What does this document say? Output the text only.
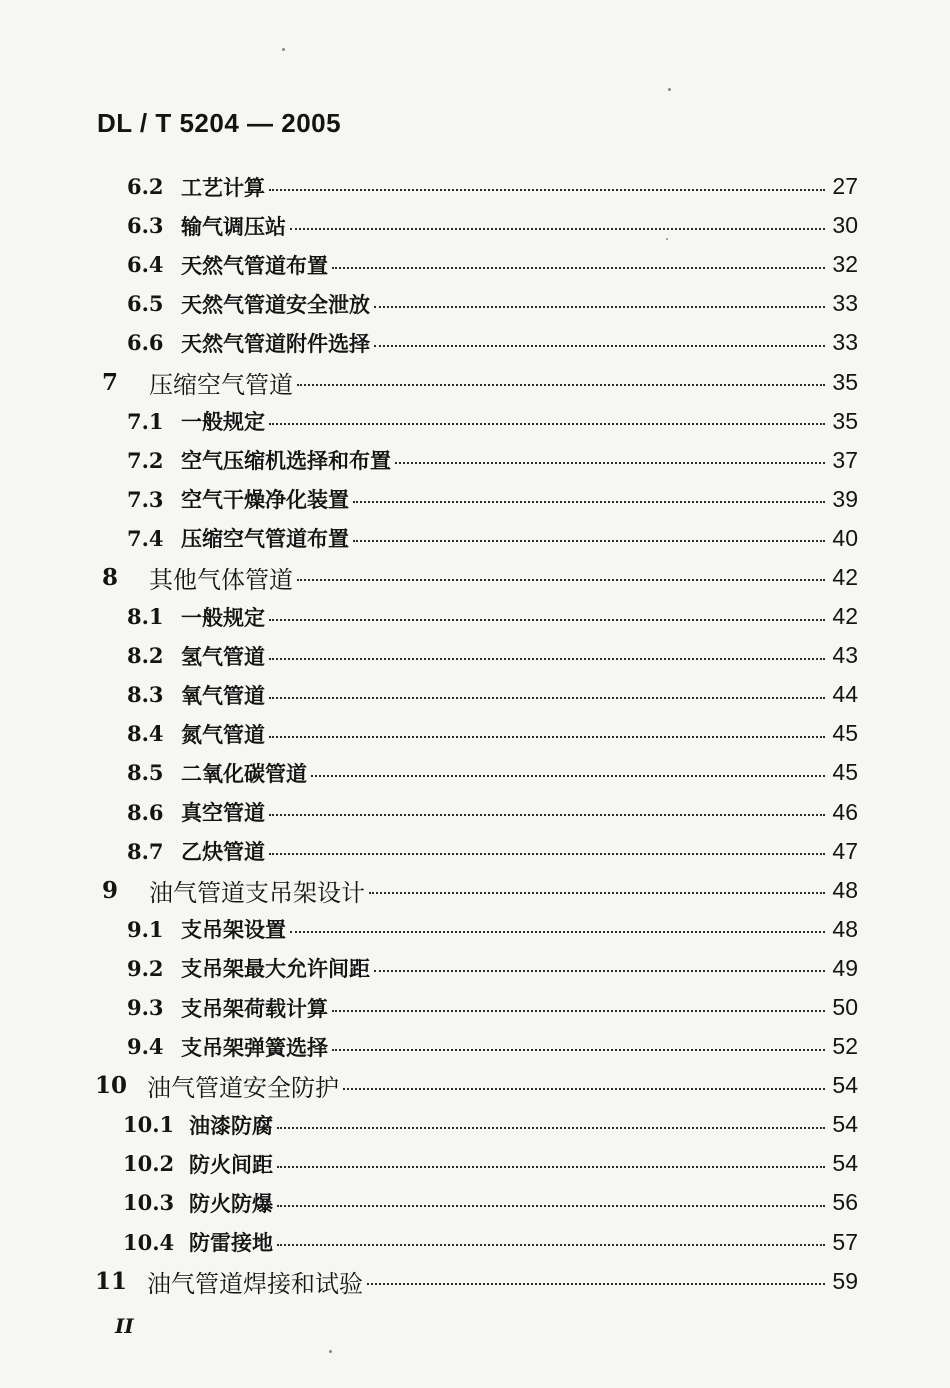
DL / T 5204 — 2005
6.2 工艺计算	27
6.3 输气调压站	30
6.4 天然气管道布置	32
6.5 天然气管道安全泄放	33
6.6 天然气管道附件选择	33
7	压缩空气管道	35
7.1 一般规定	35
7.2 空气压缩机选择和布置	37
7.3 空气干燥净化装置	39
7.4 压缩空气管道布置	40
8	其他气体管道	42
8.1 一般规定	42
8.2 氢气管道	43
8.3 氧气管道	44
8.4 氮气管道	45
8.5 二氧化碳管道	45
8.6 真空管道	46
8.7 乙炔管道	47
9	油气管道支吊架设计	48
9.1 支吊架设置	48
9.2 支吊架最大允许间距	49
9.3 支吊架荷载计算	50
9.4 支吊架弹簧选择	52
10 油气管道安全防护	54
10.1 油漆防腐	54
10.2 防火间距	54
10.3 防火防爆	56
10.4 防雷接地	57
11 油气管道焊接和试验	59
II
